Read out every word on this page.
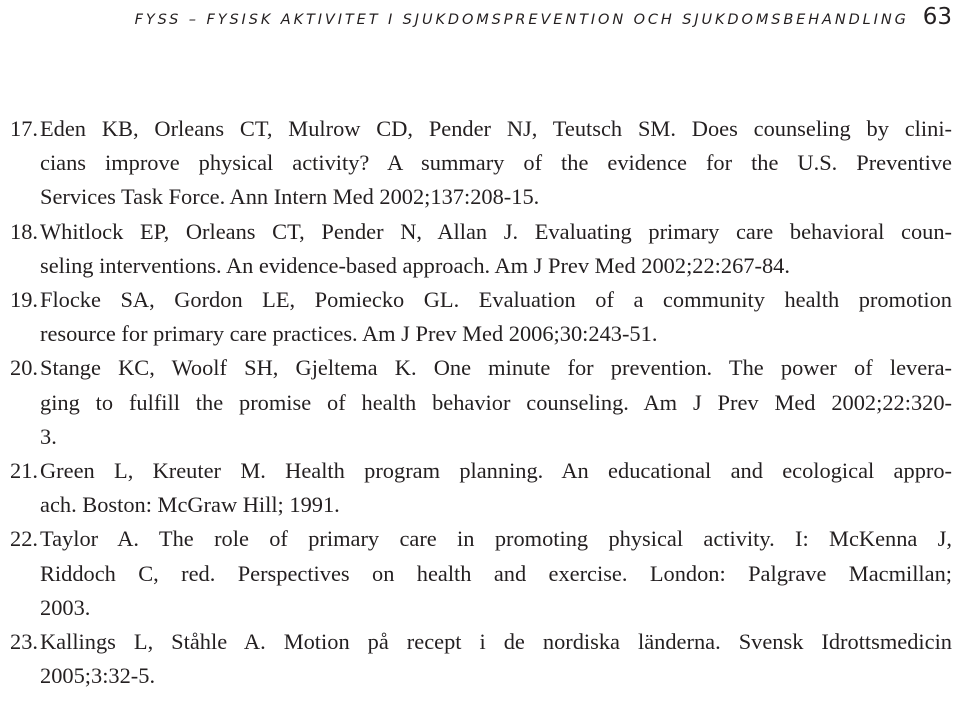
FYSS – FYSISK AKTIVITET I SJUKDOMSPREVENTION OCH SJUKDOMSBEHANDLING 63
17. Eden KB, Orleans CT, Mulrow CD, Pender NJ, Teutsch SM. Does counseling by clini-
cians improve physical activity? A summary of the evidence for the U.S. Preventive
Services Task Force. Ann Intern Med 2002;137:208-15.
18. Whitlock EP, Orleans CT, Pender N, Allan J. Evaluating primary care behavioral coun-
seling interventions. An evidence-based approach. Am J Prev Med 2002;22:267-84.
19. Flocke SA, Gordon LE, Pomiecko GL. Evaluation of a community health promotion
resource for primary care practices. Am J Prev Med 2006;30:243-51.
20. Stange KC, Woolf SH, Gjeltema K. One minute for prevention. The power of levera-
ging to fulfill the promise of health behavior counseling. Am J Prev Med 2002;22:320-
3.
21. Green L, Kreuter M. Health program planning. An educational and ecological appro-
ach. Boston: McGraw Hill; 1991.
22. Taylor A. The role of primary care in promoting physical activity. I: McKenna J,
Riddoch C, red. Perspectives on health and exercise. London: Palgrave Macmillan;
2003.
23. Kallings L, Ståhle A. Motion på recept i de nordiska länderna. Svensk Idrottsmedicin
2005;3:32-5.
